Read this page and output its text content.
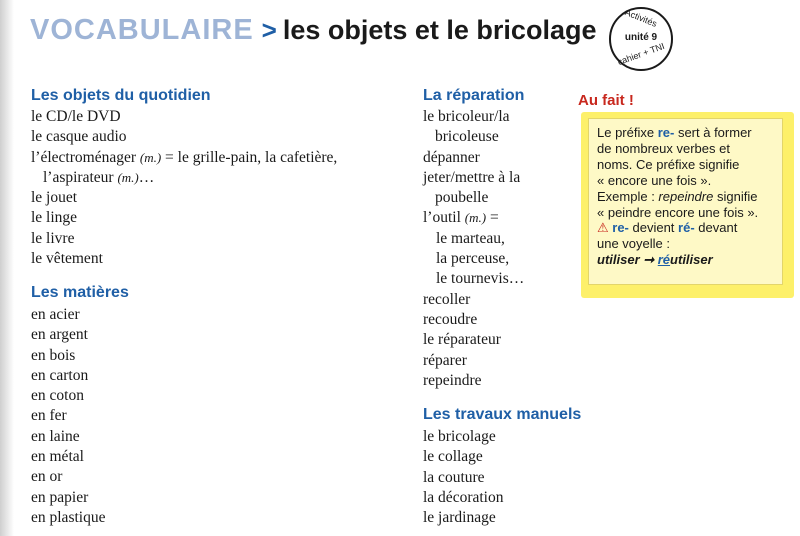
VOCABULAIRE > les objets et le bricolage	Activités
unité 9
cahier + TNI
Les objets du quotidien
le CD/le DVD
le casque audio
l’électroménager (m.) = le grille-pain, la cafetière,
l’aspirateur (m.)…
le jouet
le linge
le livre
le vêtement
Les matières
en acier
en argent
en bois
en carton
en coton
en fer
en laine
en métal
en or
en papier
en plastique
La réparation
le bricoleur/la
bricoleuse
dépanner
jeter/mettre à la
poubelle
l’outil (m.) =
le marteau,
la perceuse,
le tournevis…
recoller
recoudre
le réparateur
réparer
repeindre
Les travaux manuels
le bricolage
le collage
la couture
la décoration
le jardinage
Au fait !

Le préfixe re- sert à former

de nombreux verbes et

noms. Ce préfixe signifie

« encore une fois ».

Exemple : repeindre signifie

« peindre encore une fois ».

⚠ re- devient ré- devant

une voyelle :

utiliser ➞ réutiliser
